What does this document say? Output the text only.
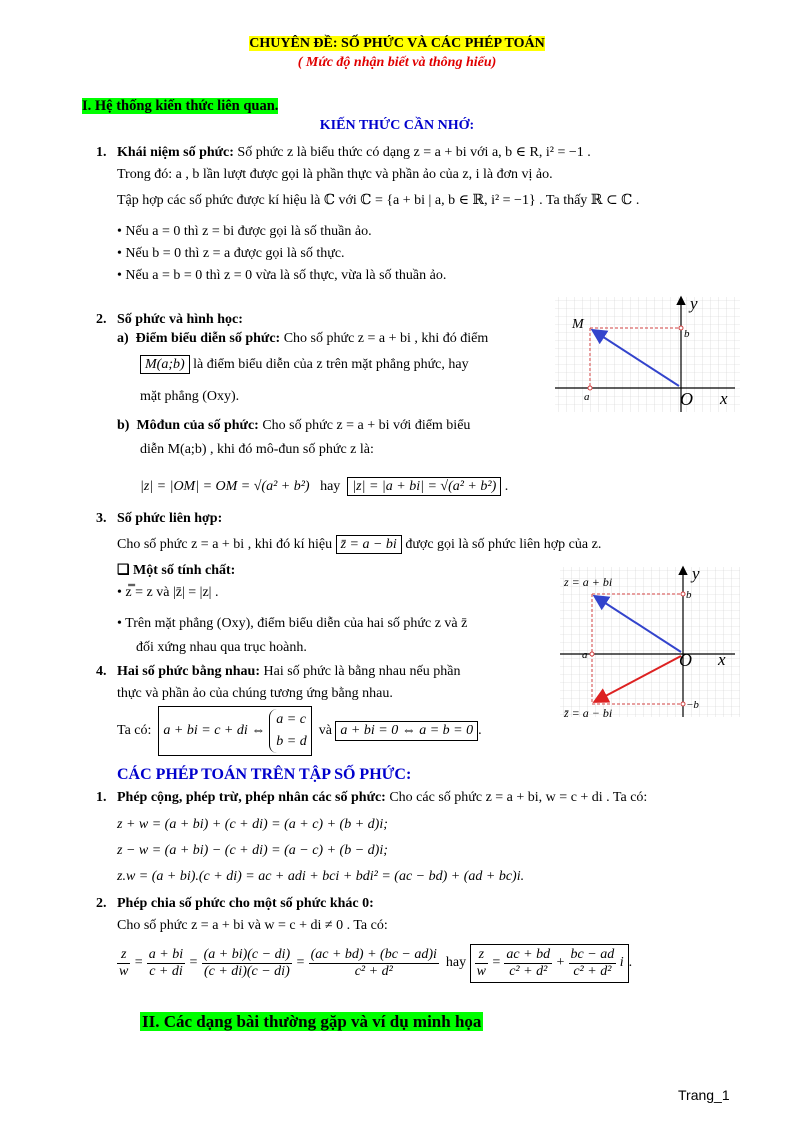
CHUYÊN ĐỀ: SỐ PHỨC VÀ CÁC PHÉP TOÁN
( Mức độ nhận biết và thông hiểu)
I. Hệ thống kiến thức liên quan.
KIẾN THỨC CẦN NHỚ:
1. Khái niệm số phức: Số phức z là biểu thức có dạng z = a + bi với a, b ∈ R, i² = −1 .
Trong đó: a , b lần lượt được gọi là phần thực và phần ảo của z, i là đơn vị ảo.
Tập hợp các số phức được kí hiệu là ℂ với ℂ = {a + bi | a, b ∈ ℝ, i² = −1} . Ta thấy ℝ ⊂ ℂ .
• Nếu a = 0 thì z = bi được gọi là số thuần ảo.
• Nếu b = 0 thì z = a được gọi là số thực.
• Nếu a = b = 0 thì z = 0 vừa là số thực, vừa là số thuần ảo.
2. Số phức và hình học:
a) Điểm biểu diễn số phức: Cho số phức z = a + bi , khi đó điểm
M(a;b) là điểm biểu diễn của z trên mặt phẳng phức, hay
mặt phẳng (Oxy).
b) Môđun của số phức: Cho số phức z = a + bi với điểm biểu
diễn M(a;b) , khi đó mô-đun số phức z là:
|z| = |OM| = OM = √(a² + b²) hay |z| = |a + bi| = √(a² + b²) .
y
M
b
a	O x
3. Số phức liên hợp:
Cho số phức z = a + bi , khi đó kí hiệu z̄ = a − bi được gọi là số phức liên hợp của z.
❑ Một số tính chất:
• z̿ = z và |z̄| = |z| .
• Trên mặt phẳng (Oxy), điểm biểu diễn của hai số phức z và z̄
đối xứng nhau qua trục hoành.
y
z = a + bi
b
a	O x
z̄ = a − bi
−b
4. Hai số phức bằng nhau: Hai số phức là bằng nhau nếu phần
thực và phần ảo của chúng tương ứng bằng nhau.
Ta có:
a + bi = c + di ⇔
a = c
b = d

và
a + bi = 0 ⇔ a = b = 0 .
CÁC PHÉP TOÁN TRÊN TẬP SỐ PHỨC:
1. Phép cộng, phép trừ, phép nhân các số phức: Cho các số phức z = a + bi, w = c + di . Ta có:
z + w = (a + bi) + (c + di) = (a + c) + (b + d)i;
z − w = (a + bi) − (c + di) = (a − c) + (b − d)i;
z.w = (a + bi).(c + di) = ac + adi + bci + bdi² = (ac − bd) + (ad + bc)i.
2. Phép chia số phức cho một số phức khác 0:
Cho số phức z = a + bi và w = c + di ≠ 0 . Ta có:
$\frac{z}{w} = \frac{a + bi}{c + di} = \frac{(a + bi)(c - di)}{(c + di)(c - di)} = \frac{(ac + bd) + (bc - ad)i}{\text{c² + d²}}$
hay
$\frac{z}{w} = \frac{ac + bd}{\text{c² + d²}} + \frac{bc - ad}{\text{c² + d²}}$
i .
II. Các dạng bài thường gặp và ví dụ minh họa
Trang_1
